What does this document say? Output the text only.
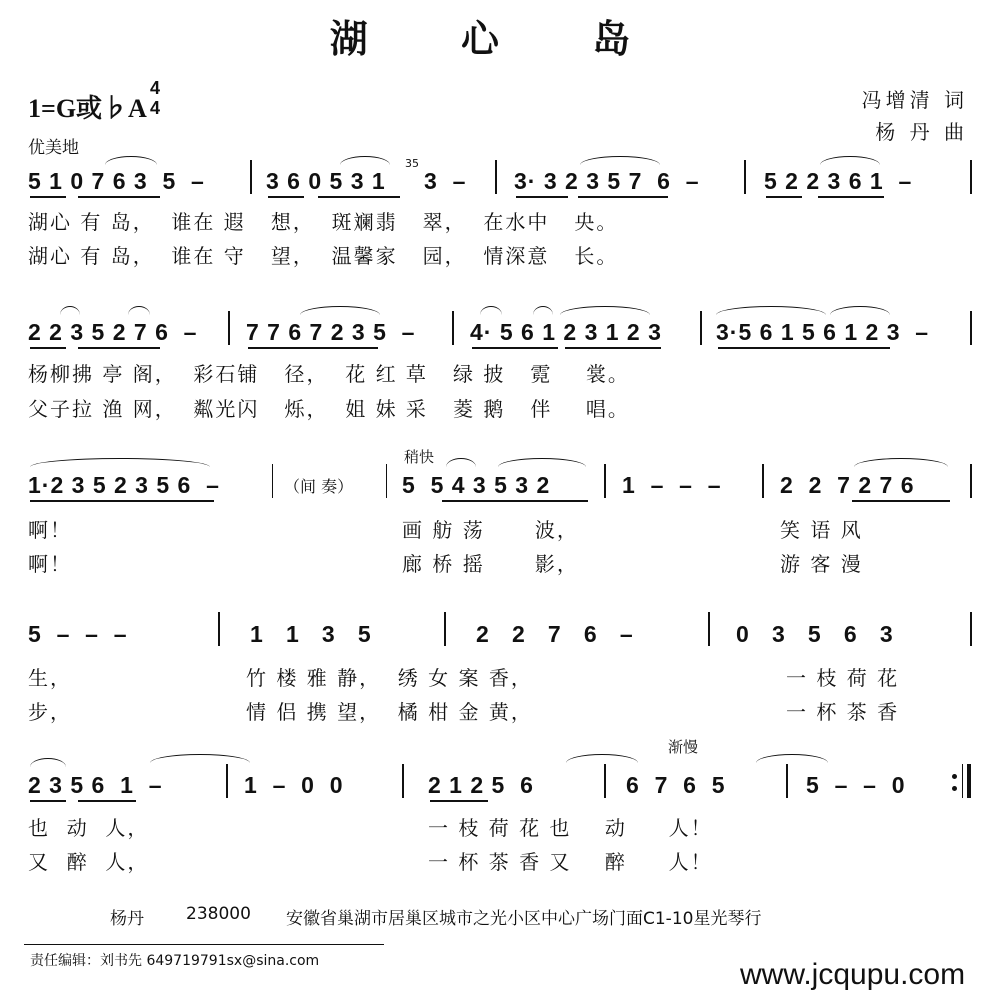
湖 心 岛
1=G或♭A
4
4
优美地
冯增清 词
杨 丹 曲
5 1 0 7 6 3  5  –	3 6 0 5 3 1
35
3  – 3· 3 2 3 5 7  6  –	5 2 2 3 6 1  –
湖心 有 岛，  谁在 遐   想，  斑斓翡   翠，  在水中   央。
湖心 有 岛，  谁在 守   望，  温馨家   园，  情深意   长。
2 2 3 5 2 7 6  – 7 7 6 7 2 3 5  – 4· 5 6 1 2 3 1 2 3 3·5 6 1 5 6 1 2 3  –
杨柳拂 亭 阁，  彩石铺   径，  花 红 草   绿 披   霓    裳。
父子拉 渔 网，  粼光闪   烁，  姐 妹 采   菱 鹅   伴    唱。
稍快
1·2 3 5 2 3 5 6  –	（间 奏） 5  5 4 3 5 3 2	1  –  –  –	2  2  7 2 7 6
啊！	画 舫 荡      波，	笑 语 风
啊！	廊 桥 摇      影，	游 客 漫
5  –  –  –	1   1   3   5	2   2   7   6   –	0   3   5   6   3
生，	竹 楼 雅 静，  绣 女 案 香，	一 枝 荷 花
步，	情 侣 携 望，  橘 柑 金 黄，	一 杯 茶 香
渐慢
2 3 5 6  1  –	1  –  0  0	2 1 2 5  6	6  7  6  5	5  –  –  0
也  动  人，	一 枝 荷 花 也    动     人！
又  醉  人，	一 杯 茶 香 又    醉     人！
杨丹 238000 安徽省巢湖市居巢区城市之光小区中心广场门面C1-10星光琴行
责任编辑：刘书先 649719791sx@sina.com	www.jcqupu.com
